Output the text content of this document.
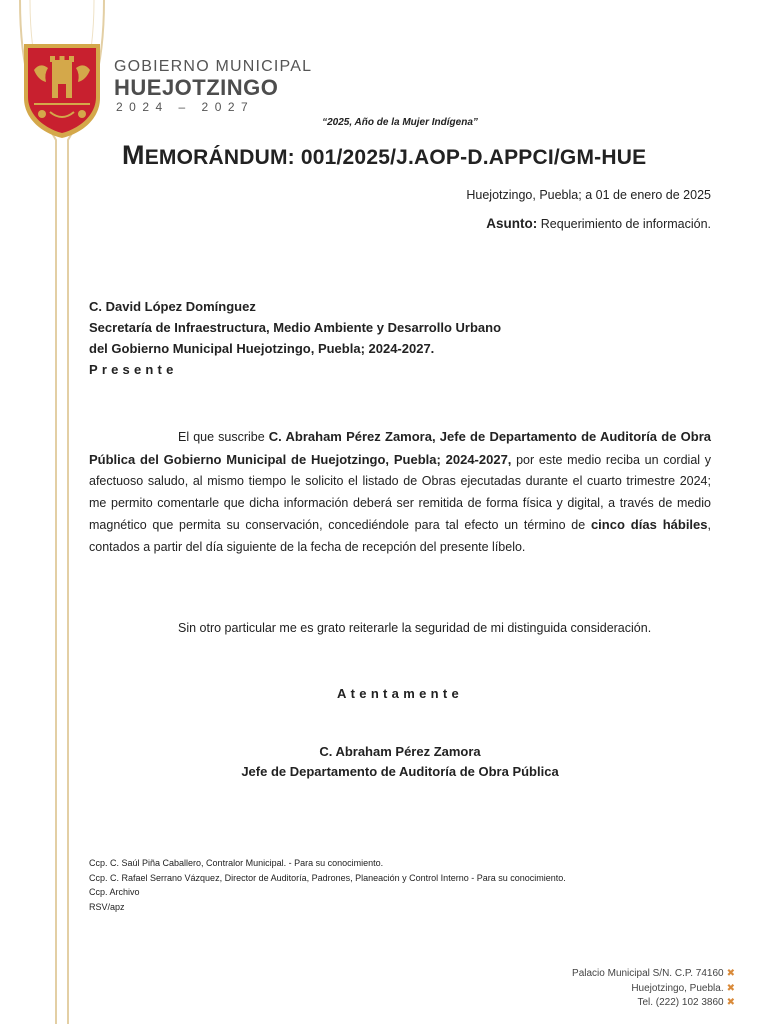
GOBIERNO MUNICIPAL
HUEJOTZINGO
2024 – 2027
“2025, Año de la Mujer Indígena”
MEMORÁNDUM: 001/2025/J.AOP-D.APPCI/GM-HUE
Huejotzingo, Puebla; a 01 de enero de 2025
Asunto: Requerimiento de información.
C. David López Domínguez
Secretaría de Infraestructura, Medio Ambiente y Desarrollo Urbano
del Gobierno Municipal Huejotzingo, Puebla; 2024-2027.
Presente
El que suscribe C. Abraham Pérez Zamora, Jefe de Departamento de Auditoría de Obra Pública del Gobierno Municipal de Huejotzingo, Puebla; 2024-2027, por este medio reciba un cordial y afectuoso saludo, al mismo tiempo le solicito el listado de Obras ejecutadas durante el cuarto trimestre 2024; me permito comentarle que dicha información deberá ser remitida de forma física y digital, a través de medio magnético que permita su conservación, concediéndole para tal efecto un término de cinco días hábiles, contados a partir del día siguiente de la fecha de recepción del presente líbelo.
Sin otro particular me es grato reiterarle la seguridad de mi distinguida consideración.
Atentamente
C. Abraham Pérez Zamora
Jefe de Departamento de Auditoría de Obra Pública
Ccp. C. Saúl Piña Caballero, Contralor Municipal. - Para su conocimiento.
Ccp. C. Rafael Serrano Vázquez, Director de Auditoría, Padrones, Planeación y Control Interno - Para su conocimiento.
Ccp. Archivo
RSV/apz
Palacio Municipal S/N. C.P. 74160 ✖
Huejotzingo, Puebla. ✖
Tel. (222) 102 3860 ✖
